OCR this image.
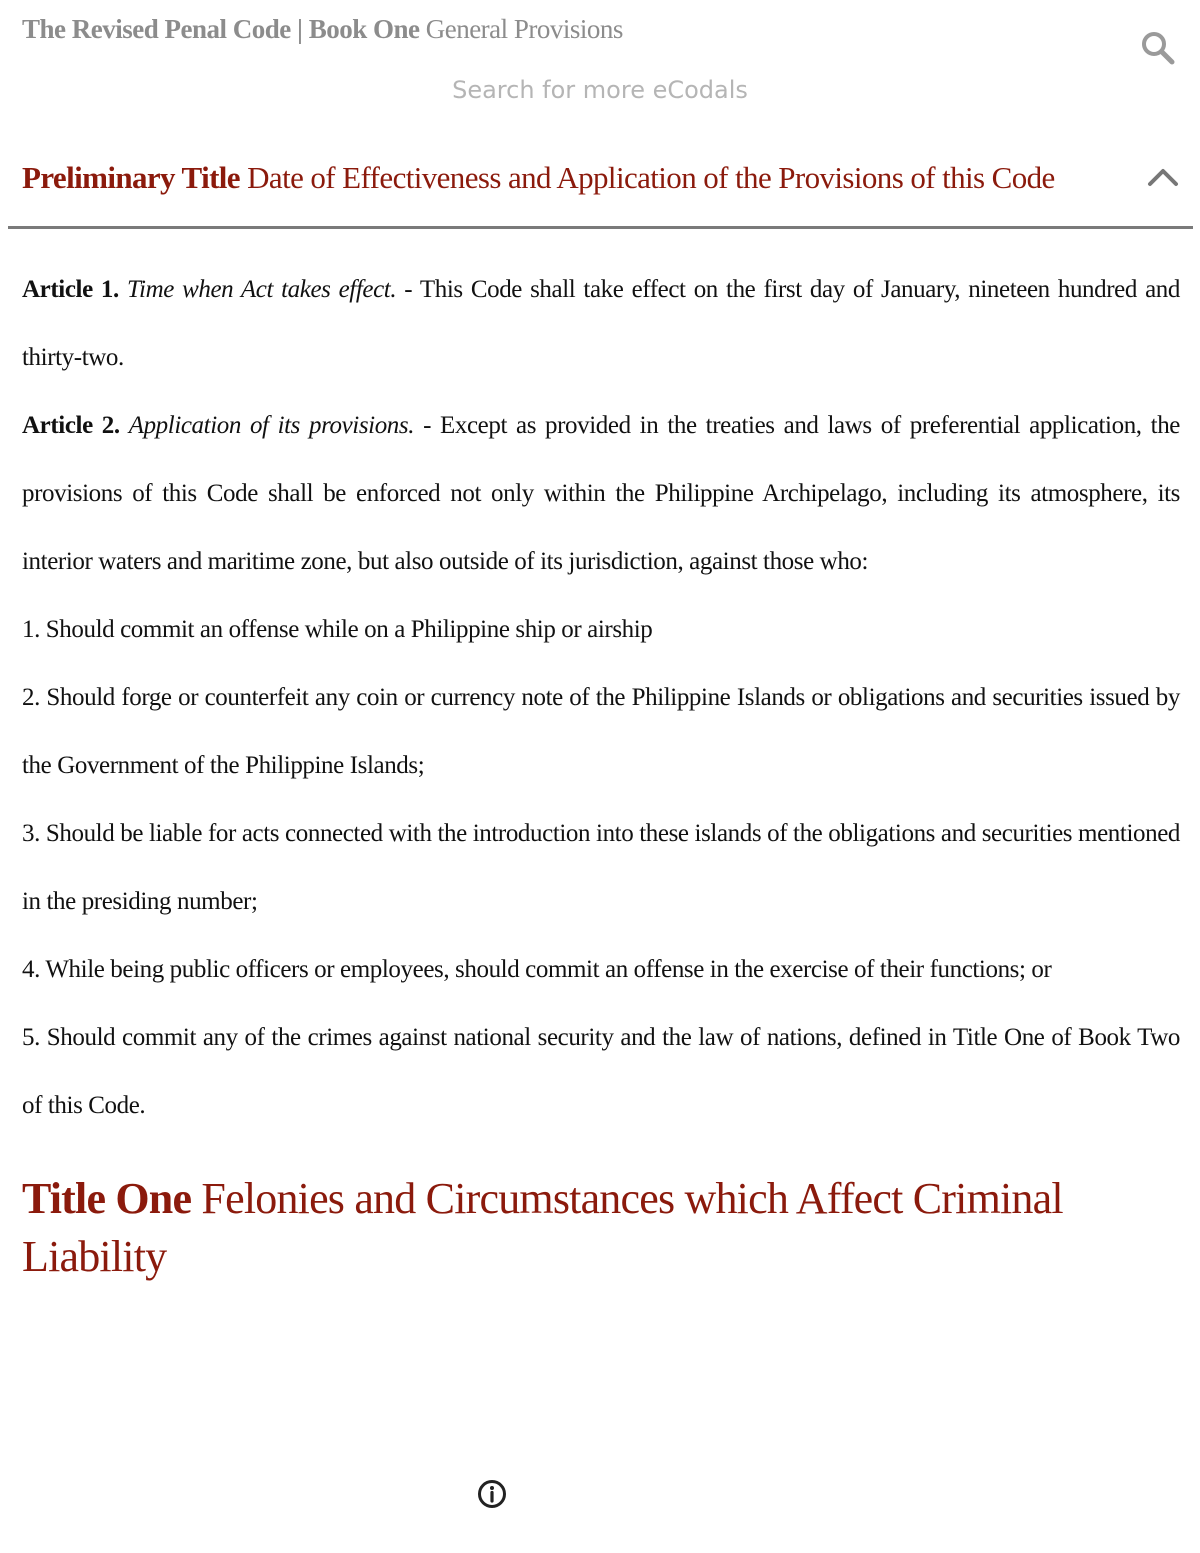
The Revised Penal Code | Book One General Provisions
Search for more eCodals
Preliminary Title Date of Effectiveness and Application of the Provisions of this Code

Article 1. Time when Act takes effect. - This Code shall take effect on the first day of January, nineteen hundred and thirty-two.

Article 2. Application of its provisions. - Except as provided in the treaties and laws of preferential application, the provisions of this Code shall be enforced not only within the Philippine Archipelago, including its atmosphere, its interior waters and maritime zone, but also outside of its jurisdiction, against those who:

1. Should commit an offense while on a Philippine ship or airship

2. Should forge or counterfeit any coin or currency note of the Philippine Islands or obligations and securities issued by the Government of the Philippine Islands;

3. Should be liable for acts connected with the introduction into these islands of the obligations and securities mentioned in the presiding number;

4. While being public officers or employees, should commit an offense in the exercise of their functions; or

5. Should commit any of the crimes against national security and the law of nations, defined in Title One of Book Two of this Code.

Title One Felonies and Circumstances which Affect Criminal Liability
